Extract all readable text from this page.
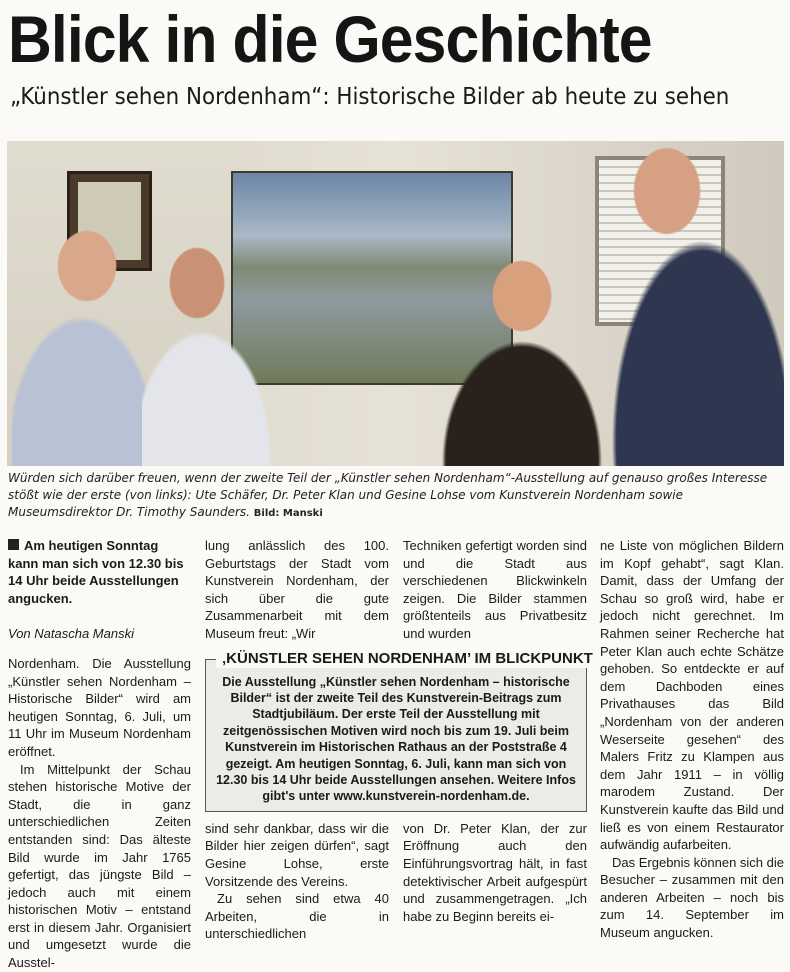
Blick in die Geschichte
„Künstler sehen Nordenham“: Historische Bilder ab heute zu sehen
Würden sich darüber freuen, wenn der zweite Teil der „Künstler sehen Nordenham“-Ausstellung auf genauso großes Interesse stößt wie der erste (von links): Ute Schäfer, Dr. Peter Klan und Gesine Lohse vom Kunstverein Nordenham sowie Museumsdirektor Dr. Timothy Saunders. Bild: Manski

Am heutigen Sonntag kann man sich von 12.30 bis 14 Uhr beide Ausstellungen angucken.

Von Natascha Manski

Nordenham. Die Ausstellung „Künstler sehen Nordenham – Historische Bilder“ wird am heutigen Sonntag, 6. Juli, um 11 Uhr im Museum Nordenham eröffnet.

Im Mittelpunkt der Schau stehen historische Motive der Stadt, die in ganz unterschiedlichen Zeiten entstanden sind: Das älteste Bild wurde im Jahr 1765 gefertigt, das jüngste Bild – jedoch auch mit einem historischen Motiv – entstand erst in diesem Jahr. Organisiert und umgesetzt wurde die Ausstel-

lung anlässlich des 100. Geburtstags der Stadt vom Kunstverein Nordenham, der sich über die gute Zusammenarbeit mit dem Museum freut: „Wir

Techniken gefertigt worden sind und die Stadt aus verschiedenen Blickwinkeln zeigen. Die Bilder stammen größtenteils aus Privatbesitz und wurden

‚KÜNSTLER SEHEN NORDENHAM’ IM BLICKPUNKT
Die Ausstellung „Künstler sehen Nordenham – historische Bilder“ ist der zweite Teil des Kunstverein-Beitrags zum Stadtjubiläum. Der erste Teil der Ausstellung mit zeitgenössischen Motiven wird noch bis zum 19. Juli beim Kunstverein im Historischen Rathaus an der Poststraße 4 gezeigt. Am heutigen Sonntag, 6. Juli, kann man sich von 12.30 bis 14 Uhr beide Ausstellungen ansehen. Weitere Infos gibt's unter www.kunstverein-nordenham.de.

sind sehr dankbar, dass wir die Bilder hier zeigen dürfen“, sagt Gesine Lohse, erste Vorsitzende des Vereins.

Zu sehen sind etwa 40 Arbeiten, die in unterschiedlichen

von Dr. Peter Klan, der zur Eröffnung auch den Einführungsvortrag hält, in fast detektivischer Arbeit aufgespürt und zusammengetragen. „Ich habe zu Beginn bereits ei-

ne Liste von möglichen Bildern im Kopf gehabt“, sagt Klan. Damit, dass der Umfang der Schau so groß wird, habe er jedoch nicht gerechnet. Im Rahmen seiner Recherche hat Peter Klan auch echte Schätze gehoben. So entdeckte er auf dem Dachboden eines Privathauses das Bild „Nordenham von der anderen Weserseite gesehen“ des Malers Fritz zu Klampen aus dem Jahr 1911 – in völlig marodem Zustand. Der Kunstverein kaufte das Bild und ließ es von einem Restaurator aufwändig aufarbeiten.

Das Ergebnis können sich die Besucher – zusammen mit den anderen Arbeiten – noch bis zum 14. September im Museum angucken.
